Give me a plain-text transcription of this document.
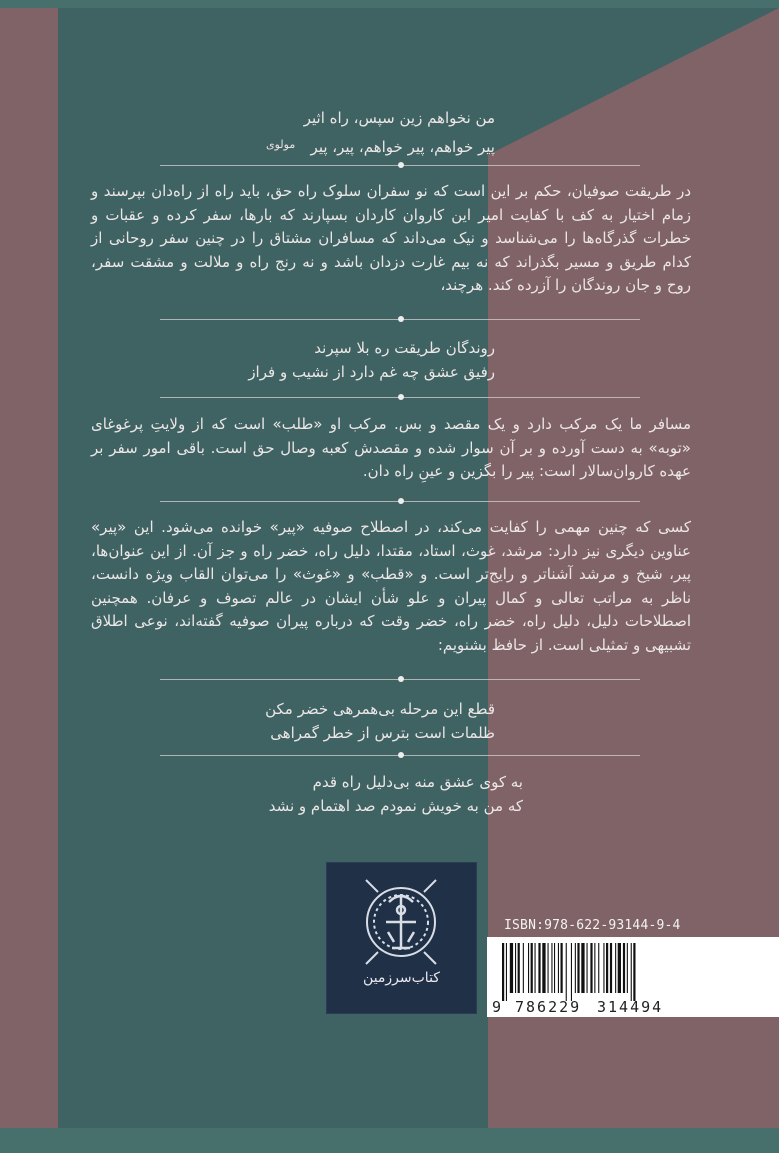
من نخواهم زین سپس، راه اثیر
پیر خواهم، پیر خواهم، پیر، پیر
مولوی
در طریقت صوفیان، حکم بر این است که نو سفران سلوک راه حق، باید راه از راه‌دان بپرسند و زمام اختیار به کف با کفایت امیر این کاروان کاردان بسپارند که بارها، سفر کرده و عقبات و خطرات گذرگاه‌ها را می‌شناسد و نیک می‌داند که مسافران مشتاق را در چنین سفر روحانی از کدام طریق و مسیر بگذراند که نه بیم غارت دزدان باشد و نه رنج راه و ملالت و مشقت سفر، روح و جان روندگان را آزرده کند. هرچند،
روندگان طریقت ره بلا سپرند
رفیق عشق چه غم دارد از نشیب و فراز
مسافر ما یک مرکب دارد و یک مقصد و بس. مرکب او «طلب» است که از ولایتِ پرغوغای «توبه» به دست آورده و بر آن سوار شده و مقصدش کعبه وصال حق است. باقی امور سفر بر عهده کاروان‌سالار است: پیر را بگزین و عینِ راه دان.
کسی که چنین مهمی را کفایت می‌کند، در اصطلاح صوفیه «پیر» خوانده می‌شود. این «پیر» عناوین دیگری نیز دارد: مرشد، غوث، استاد، مقتدا، دلیل راه، خضر راه و جز آن. از این عنوان‌ها، پیر، شیخ و مرشد آشناتر و رایج‌تر است. و «قطب» و «غوث» را می‌توان القاب ویژه دانست، ناظر به مراتب تعالی و کمال پیران و علو شأن ایشان در عالم تصوف و عرفان. همچنین اصطلاحات دلیل، دلیل راه، خضر راه، خضر وقت که درباره پیران صوفیه گفته‌اند، نوعی اطلاق تشبیهی و تمثیلی است. از حافظ بشنویم:
قطع این مرحله بی‌همرهی خضر مکن
ظلمات است بترس از خطر گمراهی
به کوی عشق منه بی‌دلیل راه قدم
که من به خویش نمودم صد اهتمام و نشد
کتاب‌سرزمین
ISBN:978-622-93144-9-4
9 786229 314494
